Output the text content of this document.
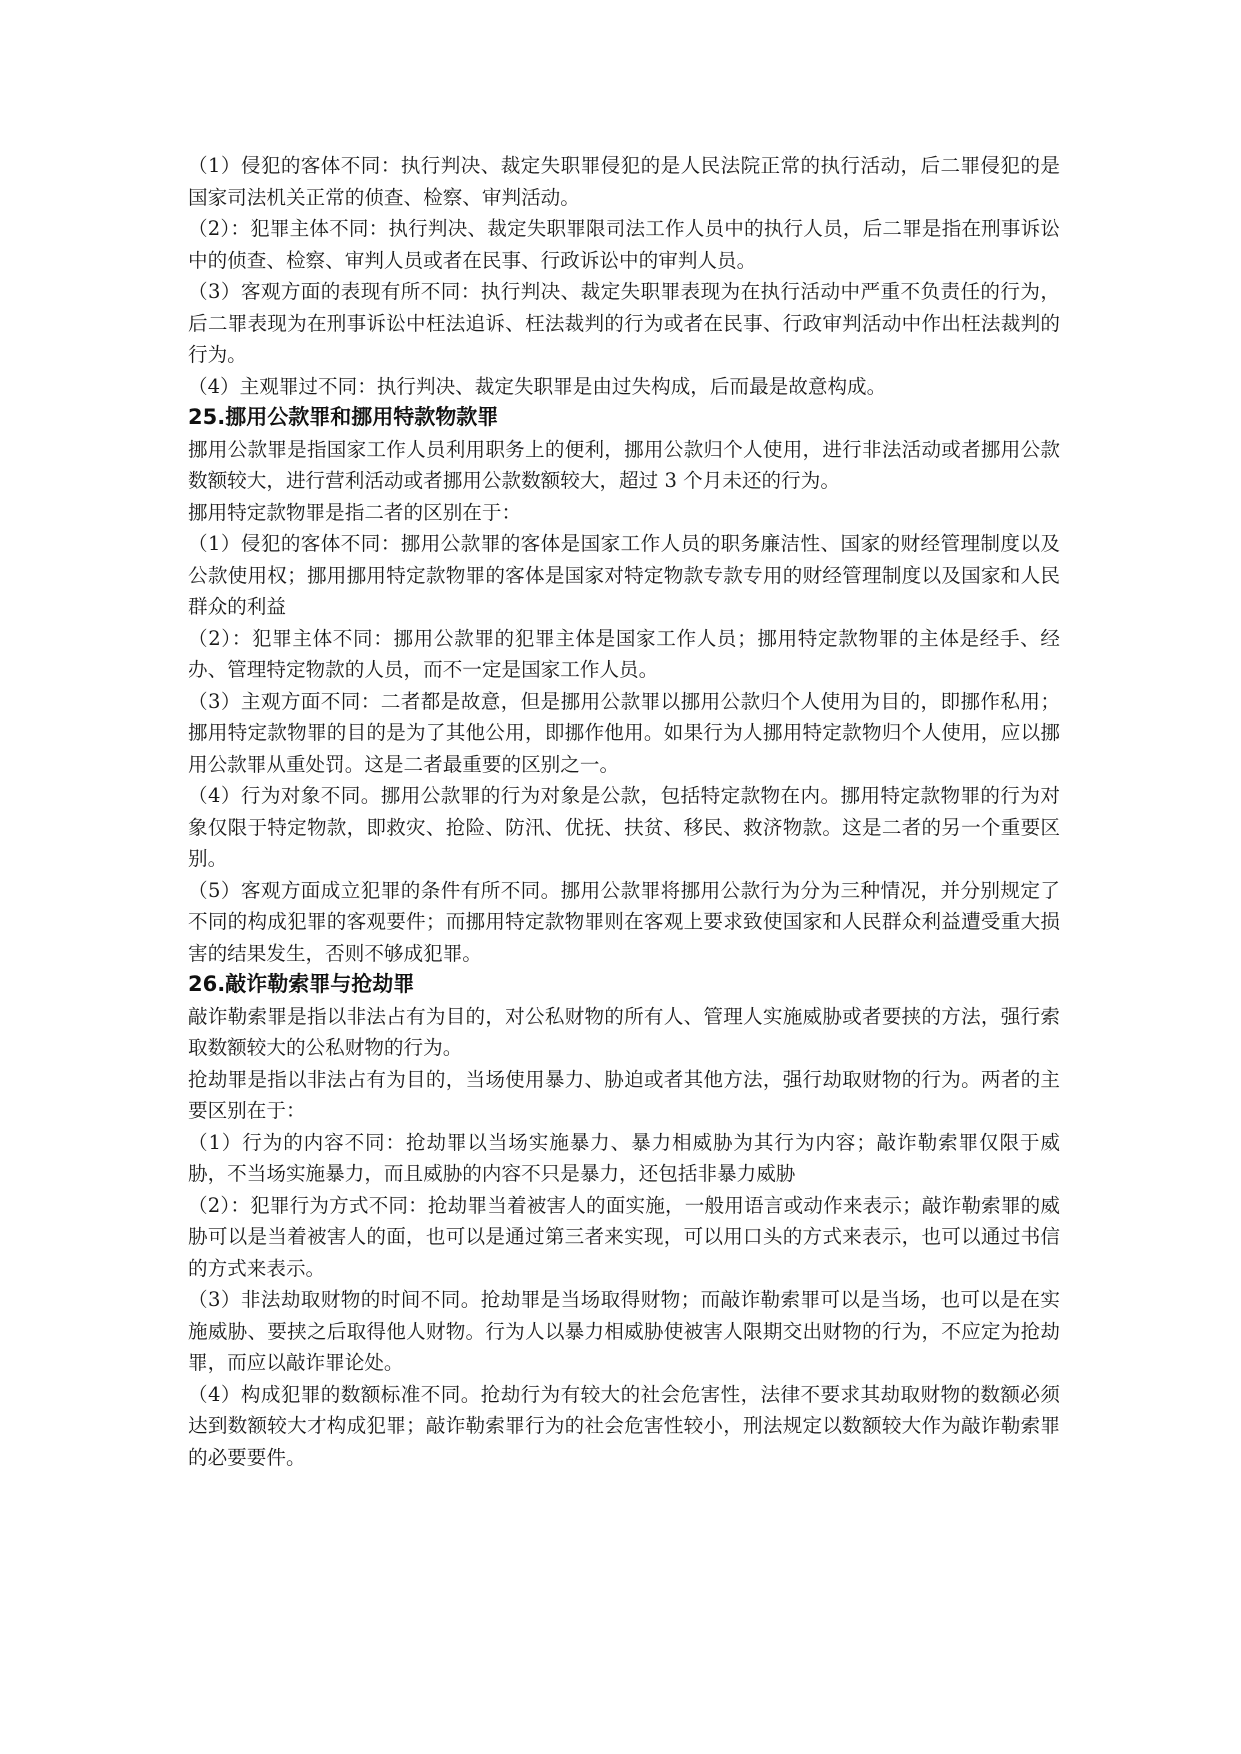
（1）侵犯的客体不同：执行判决、裁定失职罪侵犯的是人民法院正常的执行活动，后二罪侵犯的是国家司法机关正常的侦查、检察、审判活动。

（2）：犯罪主体不同：执行判决、裁定失职罪限司法工作人员中的执行人员，后二罪是指在刑事诉讼中的侦查、检察、审判人员或者在民事、行政诉讼中的审判人员。

（3）客观方面的表现有所不同：执行判决、裁定失职罪表现为在执行活动中严重不负责任的行为，后二罪表现为在刑事诉讼中枉法追诉、枉法裁判的行为或者在民事、行政审判活动中作出枉法裁判的行为。

（4）主观罪过不同：执行判决、裁定失职罪是由过失构成，后而最是故意构成。

25.挪用公款罪和挪用特款物款罪

挪用公款罪是指国家工作人员利用职务上的便利，挪用公款归个人使用，进行非法活动或者挪用公款数额较大，进行营利活动或者挪用公款数额较大，超过 3 个月未还的行为。

挪用特定款物罪是指二者的区别在于：

（1）侵犯的客体不同：挪用公款罪的客体是国家工作人员的职务廉洁性、国家的财经管理制度以及公款使用权；挪用挪用特定款物罪的客体是国家对特定物款专款专用的财经管理制度以及国家和人民群众的利益

（2）：犯罪主体不同：挪用公款罪的犯罪主体是国家工作人员；挪用特定款物罪的主体是经手、经办、管理特定物款的人员，而不一定是国家工作人员。

（3）主观方面不同：二者都是故意，但是挪用公款罪以挪用公款归个人使用为目的，即挪作私用；挪用特定款物罪的目的是为了其他公用，即挪作他用。如果行为人挪用特定款物归个人使用，应以挪用公款罪从重处罚。这是二者最重要的区别之一。

（4）行为对象不同。挪用公款罪的行为对象是公款，包括特定款物在内。挪用特定款物罪的行为对象仅限于特定物款，即救灾、抢险、防汛、优抚、扶贫、移民、救济物款。这是二者的另一个重要区别。

（5）客观方面成立犯罪的条件有所不同。挪用公款罪将挪用公款行为分为三种情况，并分别规定了不同的构成犯罪的客观要件；而挪用特定款物罪则在客观上要求致使国家和人民群众利益遭受重大损害的结果发生，否则不够成犯罪。

26.敲诈勒索罪与抢劫罪

敲诈勒索罪是指以非法占有为目的，对公私财物的所有人、管理人实施威胁或者要挟的方法，强行索取数额较大的公私财物的行为。

抢劫罪是指以非法占有为目的，当场使用暴力、胁迫或者其他方法，强行劫取财物的行为。两者的主要区别在于：

（1）行为的内容不同：抢劫罪以当场实施暴力、暴力相威胁为其行为内容；敲诈勒索罪仅限于威胁，不当场实施暴力，而且威胁的内容不只是暴力，还包括非暴力威胁

（2）：犯罪行为方式不同：抢劫罪当着被害人的面实施，一般用语言或动作来表示；敲诈勒索罪的威胁可以是当着被害人的面，也可以是通过第三者来实现，可以用口头的方式来表示，也可以通过书信的方式来表示。

（3）非法劫取财物的时间不同。抢劫罪是当场取得财物；而敲诈勒索罪可以是当场，也可以是在实施威胁、要挟之后取得他人财物。行为人以暴力相威胁使被害人限期交出财物的行为，不应定为抢劫罪，而应以敲诈罪论处。

（4）构成犯罪的数额标准不同。抢劫行为有较大的社会危害性，法律不要求其劫取财物的数额必须达到数额较大才构成犯罪；敲诈勒索罪行为的社会危害性较小，刑法规定以数额较大作为敲诈勒索罪的必要要件。
